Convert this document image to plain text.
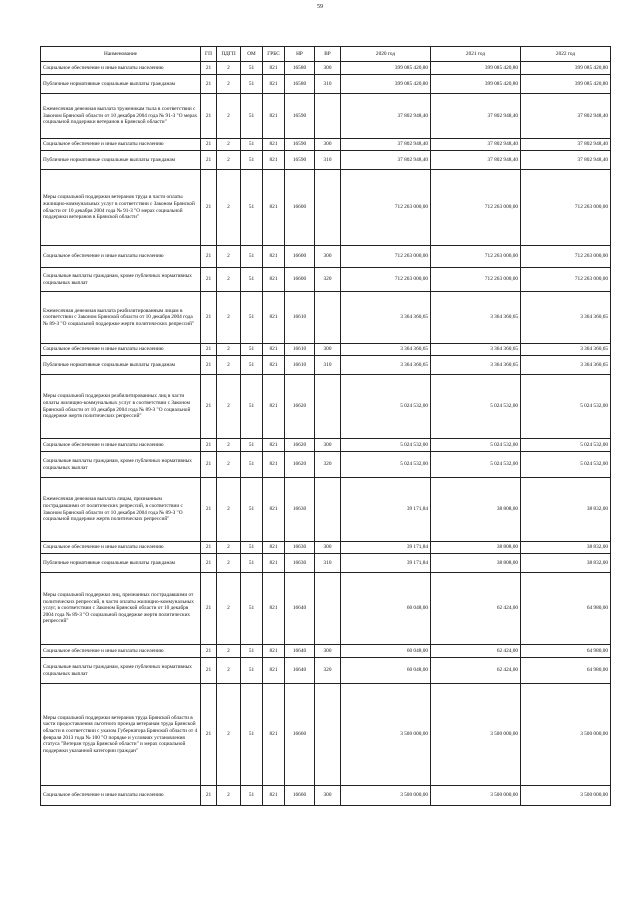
59
Наименование	ГП	ПДГП	ОМ	ГРБС	НР	ВР	2020 год	2021 год	2022 год
Социальное обеспечение и иные выплаты населению	21	2	51	821	16580	300	399 085 420,80	399 085 420,80	399 085 420,80
Публичные нормативные социальные выплаты гражданам	21	2	51	821	16580	310	399 085 420,80	399 085 420,80	399 085 420,80
Ежемесячная денежная выплата труженикам тыла в соответствии с Законом Брянской области от 10 декабря 2004 года № 91-З "О мерах социальной поддержки ветеранов в Брянской области"	21	2	51	821	16590		37 802 948,40	37 802 948,40	37 802 948,40
Социальное обеспечение и иные выплаты населению	21	2	51	821	16590	300	37 802 948,40	37 802 948,40	37 802 948,40
Публичные нормативные социальные выплаты гражданам	21	2	51	821	16590	310	37 802 948,40	37 802 948,40	37 802 948,40
Меры социальной поддержки ветеранов труда в части оплаты жилищно-коммунальных услуг в соответствии с Законом Брянской области от 10 декабря 2004 года № 91-З "О мерах социальной поддержки ветеранов в Брянской области"	21	2	51	821	16600		712 263 000,00	712 263 000,00	712 263 000,00
Социальное обеспечение и иные выплаты населению	21	2	51	821	16600	300	712 263 000,00	712 263 000,00	712 263 000,00
Социальные выплаты гражданам, кроме публичных нормативных социальных выплат	21	2	51	821	16600	320	712 263 000,00	712 263 000,00	712 263 000,00
Ежемесячная денежная выплата реабилитированным лицам в соответствии с Законом Брянской области от 10 декабря 2004 года № 89-З "О социальной поддержке жертв политических репрессий"	21	2	51	821	16610		3 364 360,65	3 364 360,65	3 364 360,65
Социальное обеспечение и иные выплаты населению	21	2	51	821	16610	300	3 364 360,65	3 364 360,65	3 364 360,65
Публичные нормативные социальные выплаты гражданам	21	2	51	821	16610	310	3 364 360,65	3 364 360,65	3 364 360,65
Меры социальной поддержки реабилитированных лиц в части оплаты жилищно-коммунальных услуг в соответствии с Законом Брянской области от 10 декабря 2004 года № 89-З "О социальной поддержке жертв политических репрессий"	21	2	51	821	16620		5 024 532,00	5 024 532,00	5 024 532,00
Социальное обеспечение и иные выплаты населению	21	2	51	821	16620	300	5 024 532,00	5 024 532,00	5 024 532,00
Социальные выплаты гражданам, кроме публичных нормативных социальных выплат	21	2	51	821	16620	320	5 024 532,00	5 024 532,00	5 024 532,00
Ежемесячная денежная выплата лицам, признанным пострадавшими от политических репрессий, в соответствии с Законом Брянской области от 10 декабря 2004 года № 89-З "О социальной поддержке жертв политических репрессий"	21	2	51	821	16630		39 171,84	38 808,00	38 832,00
Социальное обеспечение и иные выплаты населению	21	2	51	821	16630	300	39 171,84	38 808,00	38 832,00
Публичные нормативные социальные выплаты гражданам	21	2	51	821	16630	310	39 171,84	38 808,00	38 832,00
Меры социальной поддержки лиц, признанных пострадавшими от политических репрессий, в части оплаты жилищно-коммунальных услуг, в соответствии с Законом Брянской области от 10 декабря 2004 года № 89-З "О социальной поддержке жертв политических репрессий"	21	2	51	821	16640		60 048,00	62 424,00	64 980,00
Социальное обеспечение и иные выплаты населению	21	2	51	821	16640	300	60 048,00	62 424,00	64 980,00
Социальные выплаты гражданам, кроме публичных нормативных социальных выплат	21	2	51	821	16640	320	60 048,00	62 424,00	64 980,00
Меры социальной поддержки ветеранов труда Брянской области в части предоставления льготного проезда ветеранам труда Брянской области в соответствии с указом Губернатора Брянской области от 4 февраля 2013 года № 100 "О порядке и условиях установления статуса "Ветеран труда Брянской области" и мерах социальной поддержки указанной категории граждан"	21	2	51	821	16660		3 500 000,00	3 500 000,00	3 500 000,00
Социальное обеспечение и иные выплаты населению	21	2	51	821	16660	300	3 500 000,00	3 500 000,00	3 500 000,00
